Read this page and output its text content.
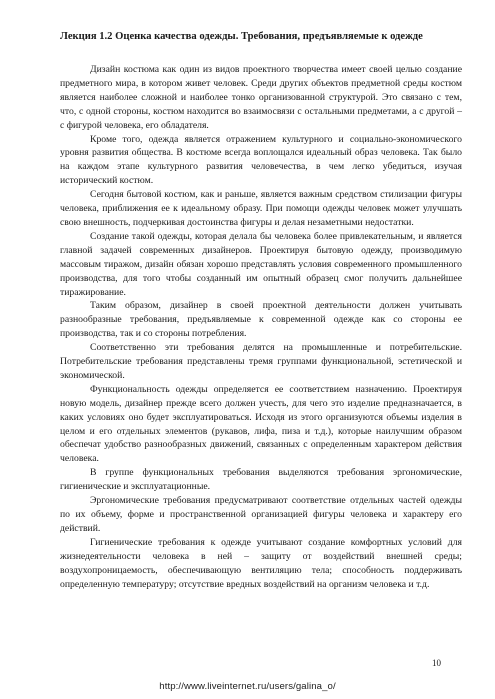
Лекция 1.2 Оценка качества одежды. Требования, предъявляемые к одежде

Дизайн костюма как один из видов проектного творчества имеет своей целью создание предметного мира, в котором живет человек. Среди других объектов предметной среды костюм является наиболее сложной и наиболее тонко организованной структурой. Это связано с тем, что, с одной стороны, костюм находится во взаимосвязи с остальными предметами, а с другой – с фигурой человека, его обладателя.

Кроме того, одежда является отражением культурного и социально-экономического уровня развития общества. В костюме всегда воплощался идеальный образ человека. Так было на каждом этапе культурного развития человечества, в чем легко убедиться, изучая исторический костюм.

Сегодня бытовой костюм, как и раньше, является важным средством стилизации фигуры человека, приближения ее к идеальному образу. При помощи одежды человек может улучшать свою внешность, подчеркивая достоинства фигуры и делая незаметными недостатки.

Создание такой одежды, которая делала бы человека более привлекательным, и является главной задачей современных дизайнеров. Проектируя бытовую одежду, производимую массовым тиражом, дизайн обязан хорошо представлять условия современного промышленного производства, для того чтобы созданный им опытный образец смог получить дальнейшее тиражирование.

Таким образом, дизайнер в своей проектной деятельности должен учитывать разнообразные требования, предъявляемые к современной одежде как со стороны ее производства, так и со стороны потребления.

Соответственно эти требования делятся на промышленные и потребительские. Потребительские требования представлены тремя группами функциональной, эстетической и экономической.

Функциональность одежды определяется ее соответствием назначению. Проектируя новую модель, дизайнер прежде всего должен учесть, для чего это изделие предназначается, в каких условиях оно будет эксплуатироваться. Исходя из этого организуются объемы изделия в целом и его отдельных элементов (рукавов, лифа, пиза и т.д.), которые наилучшим образом обеспечат удобство разнообразных движений, связанных с определенным характером действия человека.

В группе функциональных требования выделяются требования эргономические, гигиенические и эксплуатационные.

Эргономические требования предусматривают соответствие отдельных частей одежды по их объему, форме и пространственной организацией фигуры человека и характеру его действий.

Гигиенические требования к одежде учитывают создание комфортных условий для жизнедеятельности человека в ней – защиту от воздействий внешней среды; воздухопроницаемость, обеспечивающую вентиляцию тела; способность поддерживать определенную температуру; отсутствие вредных воздействий на организм человека и т.д.

10
http://www.liveinternet.ru/users/galina_o/
